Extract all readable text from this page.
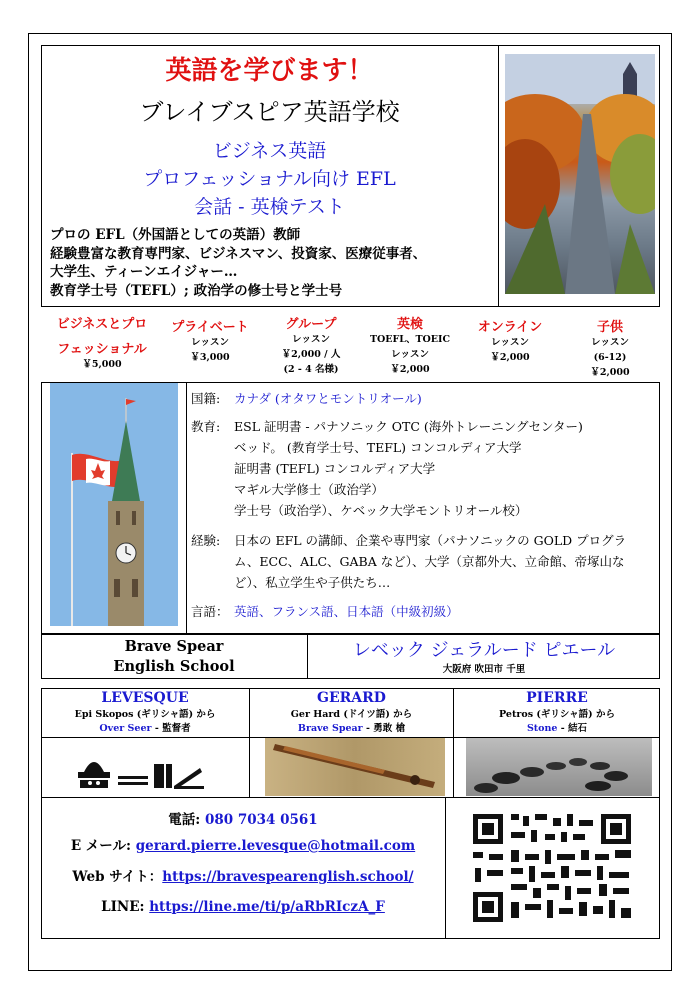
英語を学びます！
ブレイブスピア英語学校
ビジネス英語
プロフェッショナル向け EFL
会話 - 英検テスト
プロの EFL（外国語としての英語）教師
経験豊富な教育専門家、ビジネスマン、投資家、医療従事者、
大学生、ティーンエイジャー…
教育学士号（TEFL）; 政治学の修士号と学士号
ビジネスとプロ
フェッショナル
￥5,000
プライベート
レッスン
￥3,000
グループ
レッスン
￥2,000 / 人
(2 - 4 名様)
英検
TOEFL、TOEIC
レッスン
￥2,000
オンライン
レッスン
￥2,000
子供
レッスン
(6-12)
￥2,000
国籍: カナダ (オタワとモントリオール)
教育: ESL 証明書 - パナソニック OTC (海外トレーニングセンター)
ベッド。 (教育学士号、TEFL) コンコルディア大学
証明書 (TEFL) コンコルディア大学
マギル大学修士（政治学）
学士号（政治学）、ケベック大学モントリオール校）
経験: 日本の EFL の講師、企業や専門家（パナソニックの GOLD プログラ
ム、ECC、ALC、GABA など）、大学（京都外大、立命館、帝塚山な
ど）、私立学生や子供たち…
言語： 英語、フランス語、日本語（中級初級）
Brave Spear
English School
レベック ジェラルード ピエール
大阪府 吹田市 千里
LEVESQUE
Epi Skopos (ギリシャ語) から
Over Seer - 監督者
GERARD
Ger Hard (ドイツ語) から
Brave Spear - 勇敢 槍
PIERRE
Petros (ギリシャ語) から
Stone - 結石
電話: 080 7034 0561
E メール: gerard.pierre.levesque@hotmail.com
Web サイト：https://bravespearenglish.school/
LINE: https://line.me/ti/p/aRbRIczA_F
